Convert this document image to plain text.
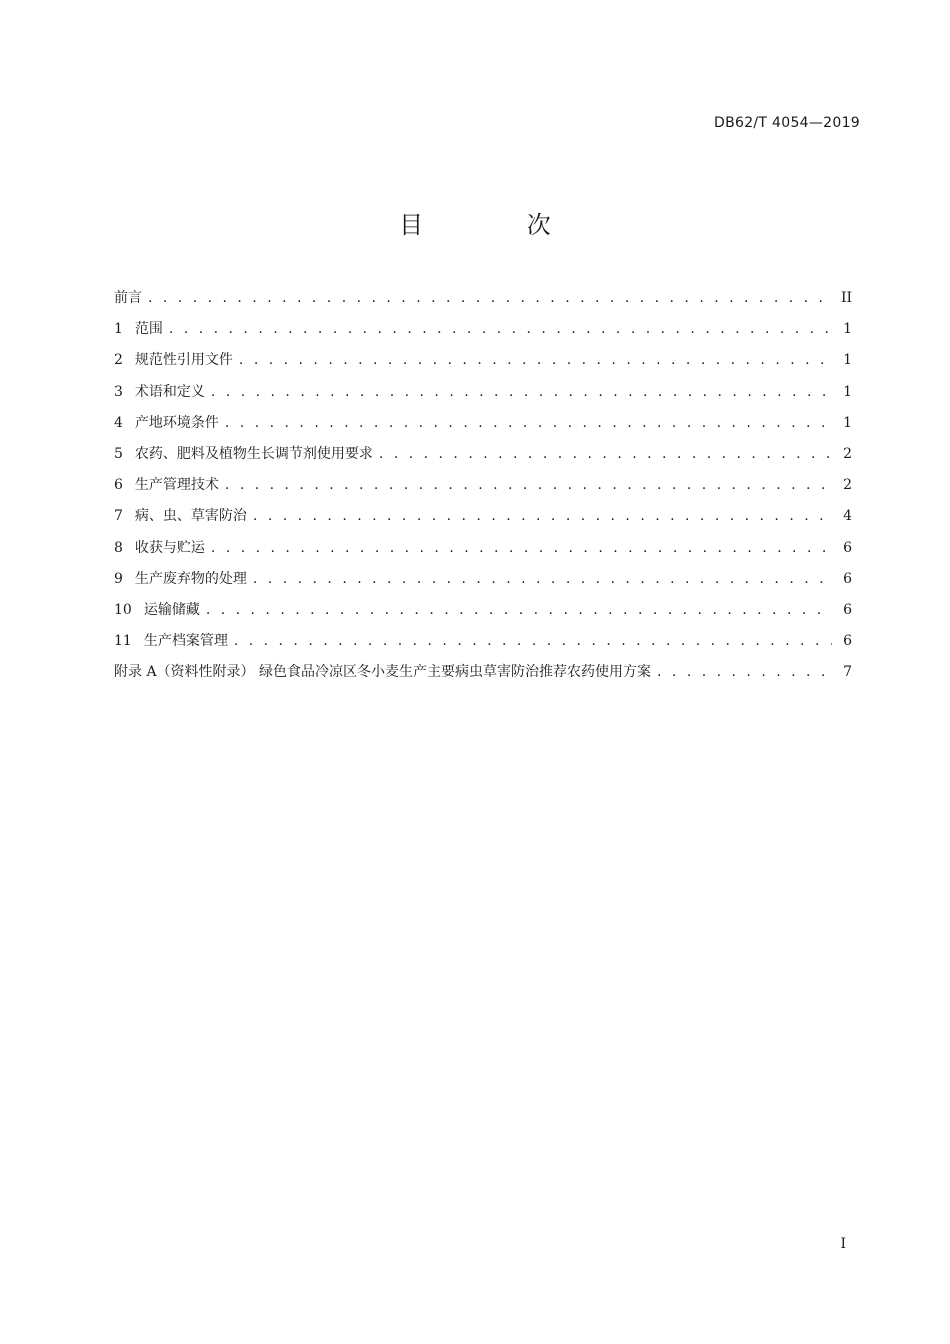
DB62/T 4054—2019
目 次
前言 . . .	II
1 范围 . . .	1
2 规范性引用文件 . . .	1
3 术语和定义 . . .	1
4 产地环境条件 . . .	1
5 农药、肥料及植物生长调节剂使用要求 . . .	2
6 生产管理技术 . . .	2
7 病、虫、草害防治 . . .	4
8 收获与贮运 . . .	6
9 生产废弃物的处理 . . .	6
10 运输储藏 . . .	6
11 生产档案管理 . . .	6
附录 A（资料性附录） 绿色食品冷凉区冬小麦生产主要病虫草害防治推荐农药使用方案 . . .	7
I
